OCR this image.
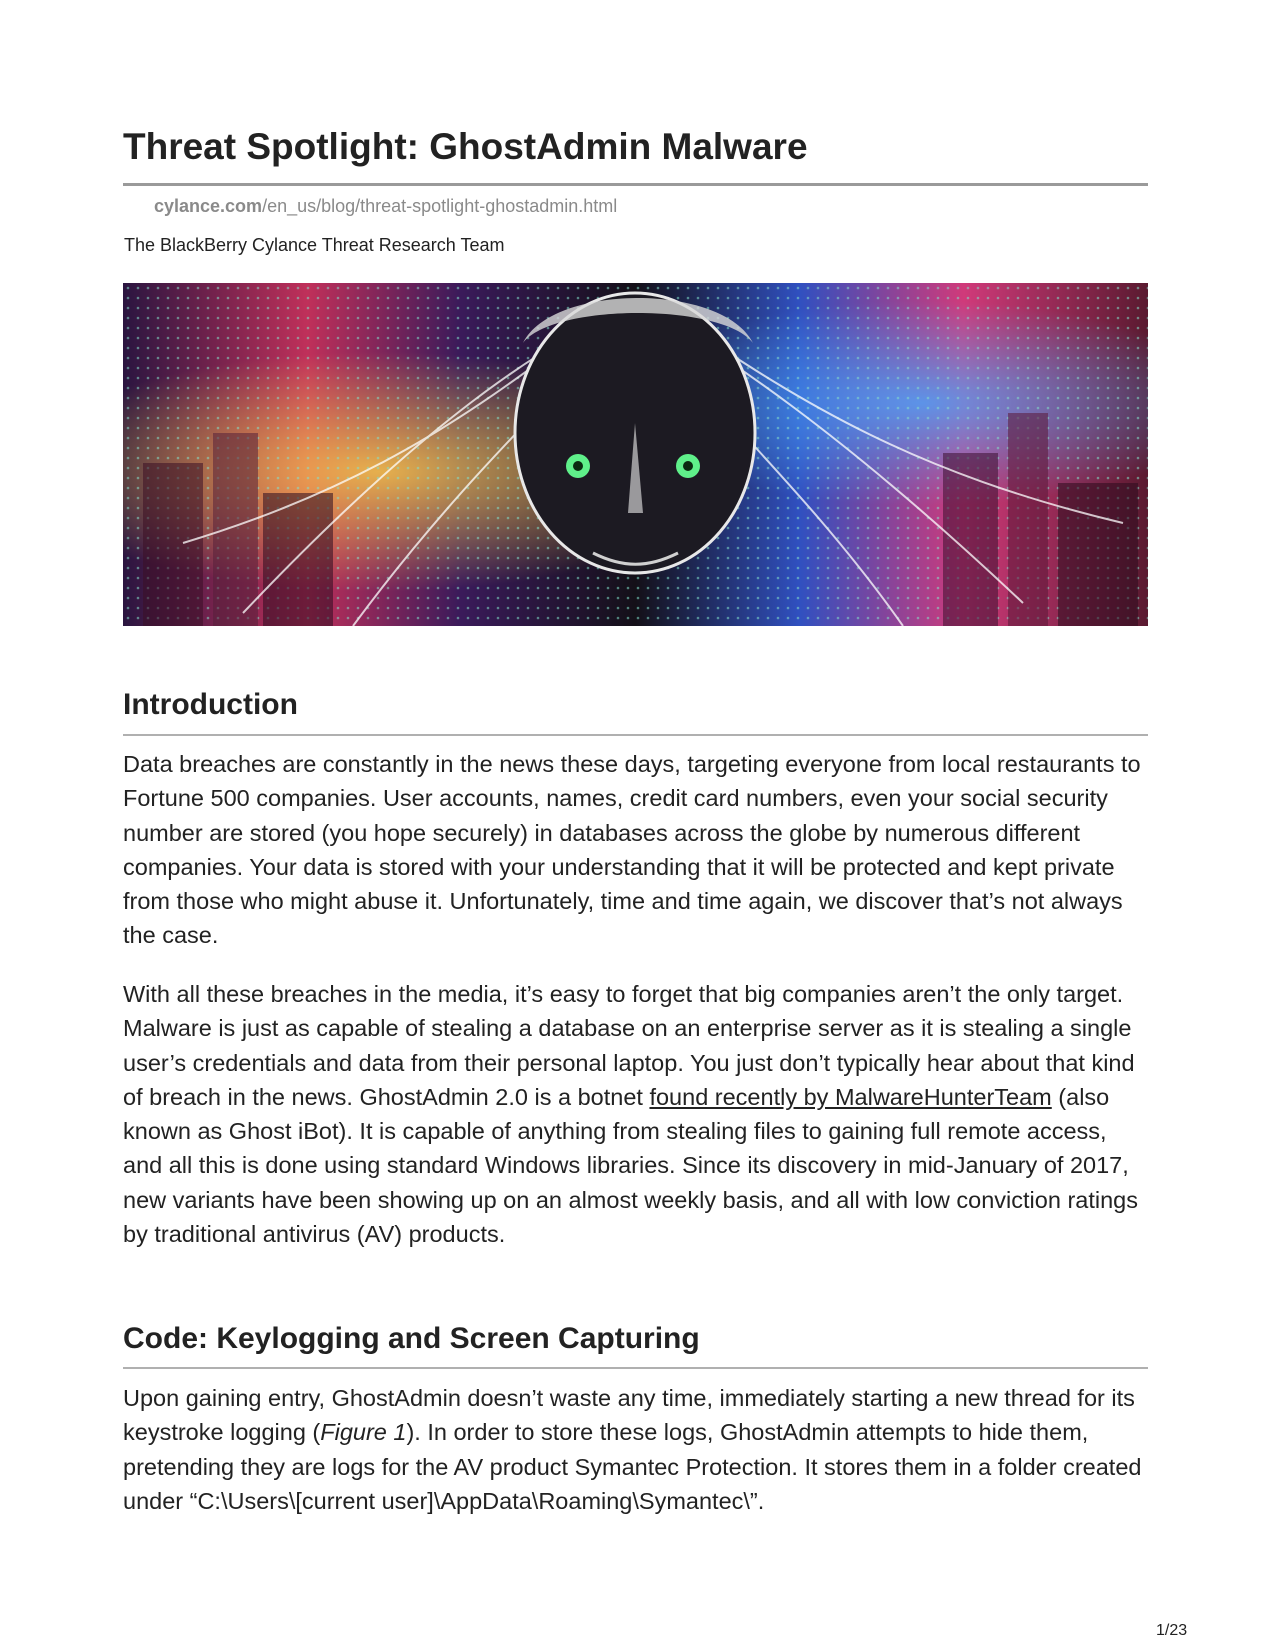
Threat Spotlight: GhostAdmin Malware
cylance.com/en_us/blog/threat-spotlight-ghostadmin.html
The BlackBerry Cylance Threat Research Team
Introduction

Data breaches are constantly in the news these days, targeting everyone from local restaurants to Fortune 500 companies. User accounts, names, credit card numbers, even your social security number are stored (you hope securely) in databases across the globe by numerous different companies. Your data is stored with your understanding that it will be protected and kept private from those who might abuse it. Unfortunately, time and time again, we discover that’s not always the case.

With all these breaches in the media, it’s easy to forget that big companies aren’t the only target. Malware is just as capable of stealing a database on an enterprise server as it is stealing a single user’s credentials and data from their personal laptop. You just don’t typically hear about that kind of breach in the news. GhostAdmin 2.0 is a botnet found recently by MalwareHunterTeam (also known as Ghost iBot). It is capable of anything from stealing files to gaining full remote access, and all this is done using standard Windows libraries. Since its discovery in mid-January of 2017, new variants have been showing up on an almost weekly basis, and all with low conviction ratings by traditional antivirus (AV) products.

Code: Keylogging and Screen Capturing

Upon gaining entry, GhostAdmin doesn’t waste any time, immediately starting a new thread for its keystroke logging (Figure 1). In order to store these logs, GhostAdmin attempts to hide them, pretending they are logs for the AV product Symantec Protection. It stores them in a folder created under “C:\Users\[current user]\AppData\Roaming\Symantec\”.

1/23
